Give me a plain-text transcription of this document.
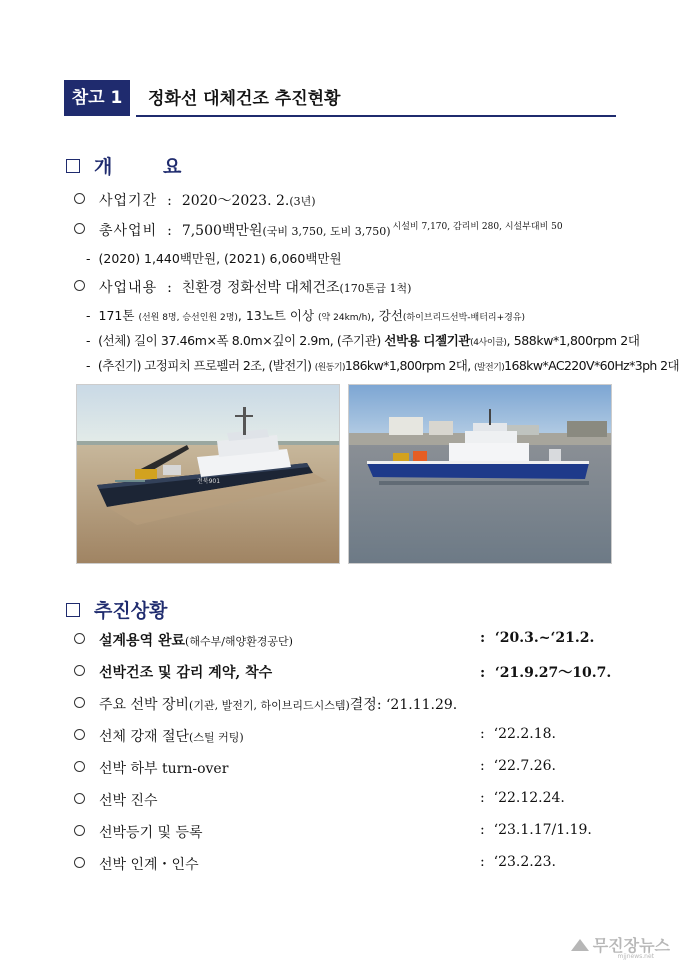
참고 1	정화선 대체건조 추진현황
개 요
사업기간 : 2020～2023. 2. (3년)
총사업비 : 7,500백만원 (국비 3,750, 도비 3,750) 시설비 7,170, 감리비 280, 시설부대비 50
- (2020) 1,440백만원, (2021) 6,060백만원
사업내용 : 친환경 정화선박 대체건조 (170톤급 1척)
- 171톤 (선원 8명, 승선인원 2명), 13노트 이상 (약 24km/h), 강선(하이브리드선박-배터리+경유)
- (선체) 길이 37.46m×폭 8.0m×깊이 2.9m, (주기관) 선박용 디젤기관(4사이클), 588kw*1,800rpm 2대
- (추진기) 고정피치 프로펠러 2조, (발전기) (원동기)186kw*1,800rpm 2대, (발전기)168kw*AC220V*60Hz*3ph 2대
전북901
추진상황
설계용역 완료 (해수부/해양환경공단)	: ‘20.3.~‘21.2.
선박건조 및 감리 계약, 착수	: ‘21.9.27～10.7.
주요 선박 장비 (기관, 발전기, 하이브리드시스템) 결정: ‘21.11.29.
선체 강재 절단 (스틸 커팅)	: ‘22.2.18.
선박 하부 turn-over	: ‘22.7.26.
선박 진수	: ‘22.12.24.
선박등기 및 등록	: ‘23.1.17/1.19.
선박 인계・인수	: ‘23.2.23.
무진장뉴스
mjjnews.net
